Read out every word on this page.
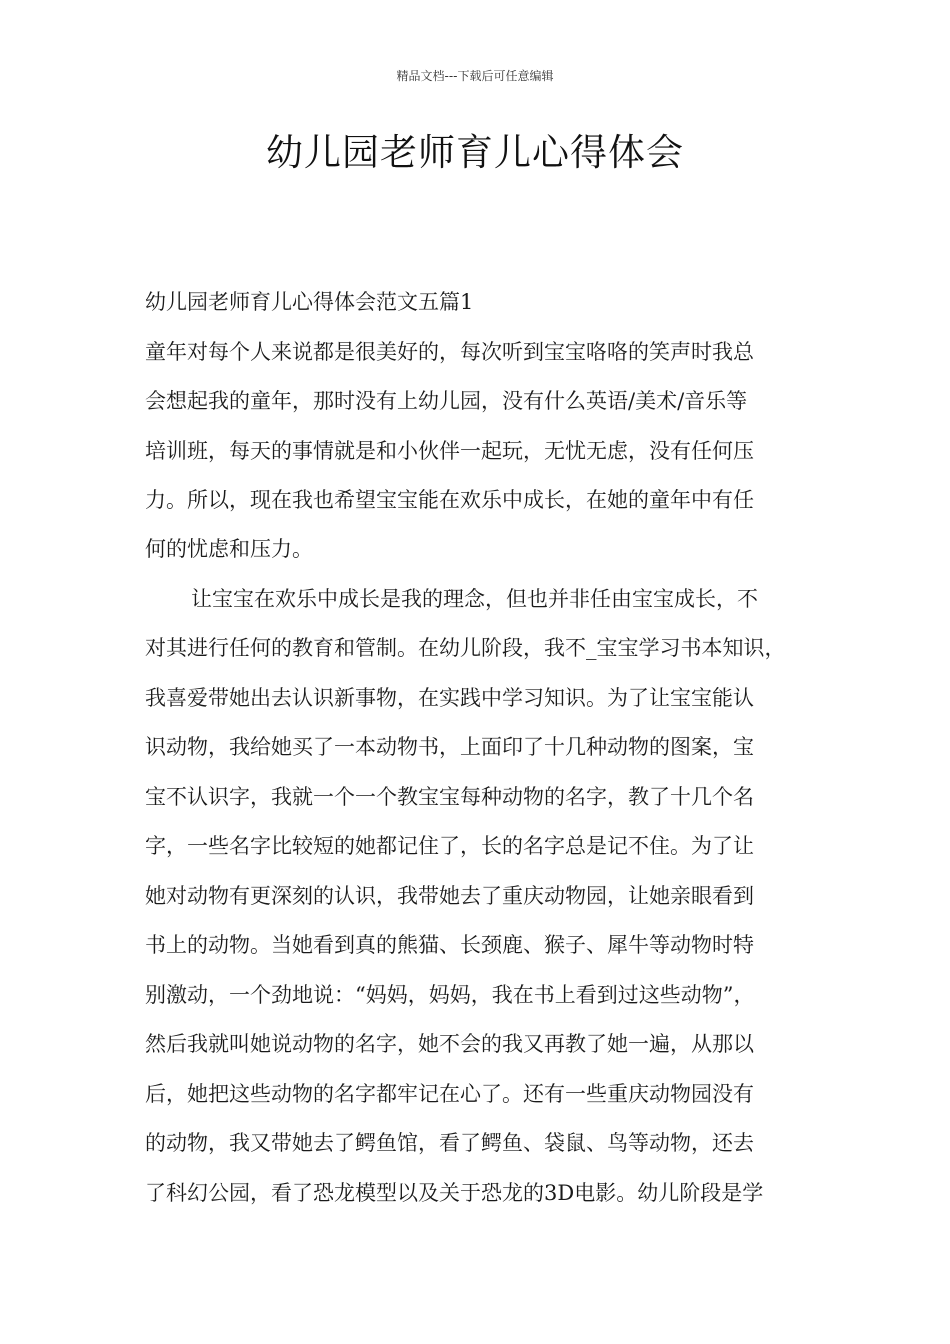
精品文档---下载后可任意编辑
幼儿园老师育儿心得体会
幼儿园老师育儿心得体会范文五篇1

童年对每个人来说都是很美好的，每次听到宝宝咯咯的笑声时我总

会想起我的童年，那时没有上幼儿园，没有什么英语/美术/音乐等

培训班，每天的事情就是和小伙伴一起玩，无忧无虑，没有任何压

力。所以，现在我也希望宝宝能在欢乐中成长，在她的童年中有任

何的忧虑和压力。

让宝宝在欢乐中成长是我的理念，但也并非任由宝宝成长，不

对其进行任何的教育和管制。在幼儿阶段，我不_宝宝学习书本知识，

我喜爱带她出去认识新事物，在实践中学习知识。为了让宝宝能认

识动物，我给她买了一本动物书，上面印了十几种动物的图案，宝

宝不认识字，我就一个一个教宝宝每种动物的名字，教了十几个名

字，一些名字比较短的她都记住了，长的名字总是记不住。为了让

她对动物有更深刻的认识，我带她去了重庆动物园，让她亲眼看到

书上的动物。当她看到真的熊猫、长颈鹿、猴子、犀牛等动物时特

别激动，一个劲地说：“妈妈，妈妈，我在书上看到过这些动物”，

然后我就叫她说动物的名字，她不会的我又再教了她一遍，从那以

后，她把这些动物的名字都牢记在心了。还有一些重庆动物园没有

的动物，我又带她去了鳄鱼馆，看了鳄鱼、袋鼠、鸟等动物，还去

了科幻公园，看了恐龙模型以及关于恐龙的3D电影。幼儿阶段是学
